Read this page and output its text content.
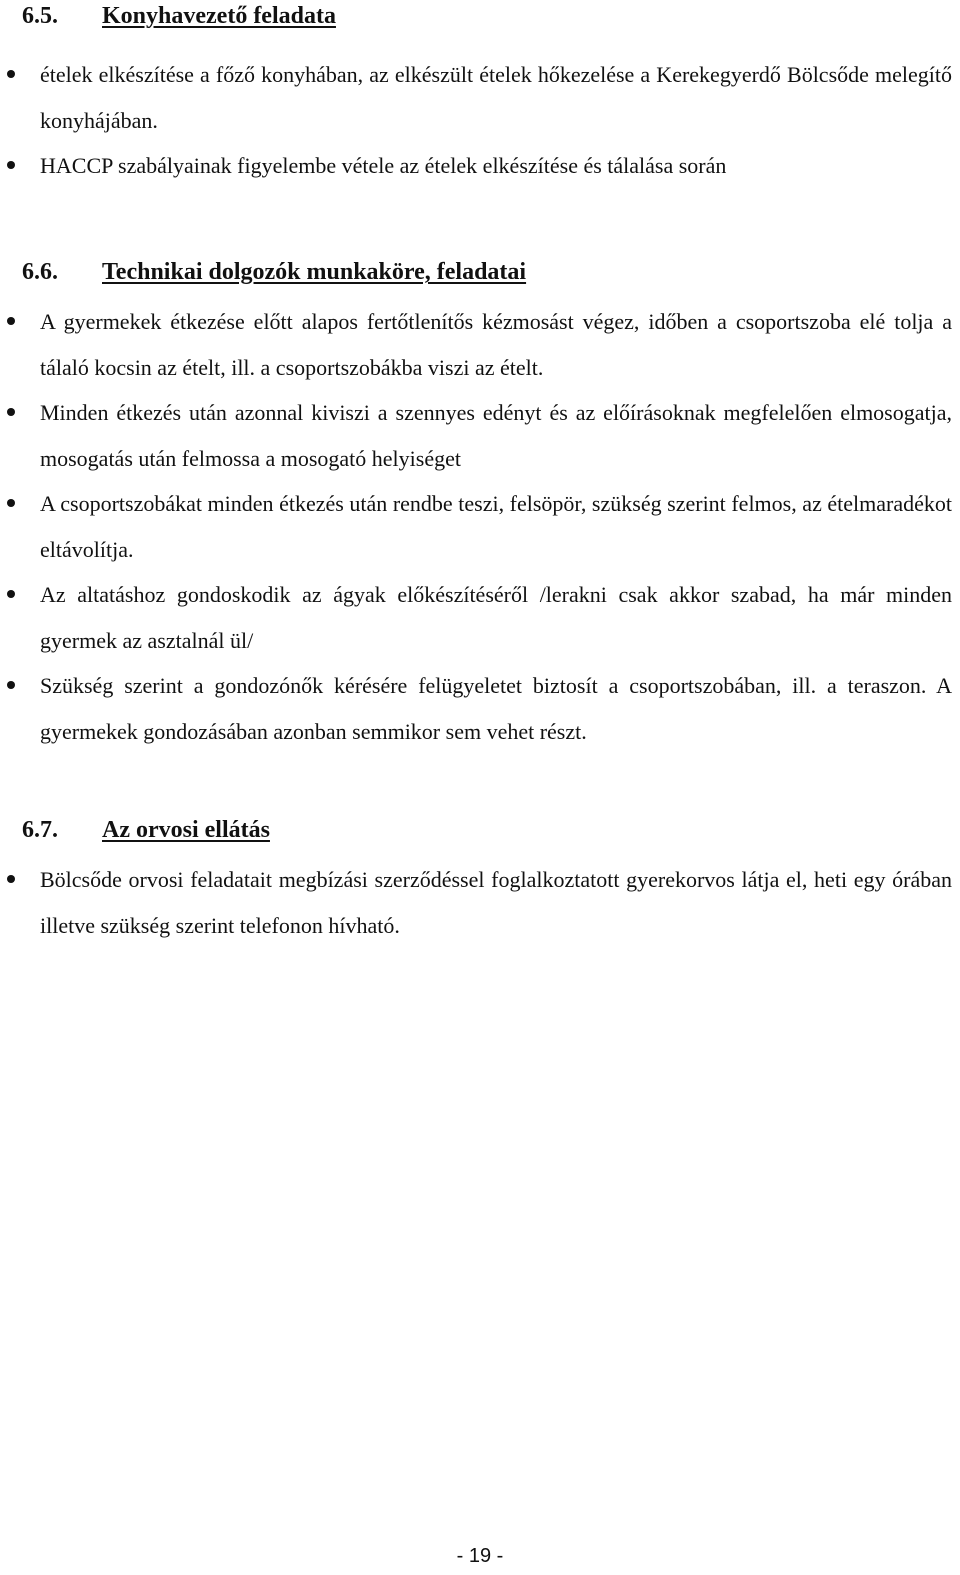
6.5. Konyhavezető feladata
ételek elkészítése a főző konyhában, az elkészült ételek hőkezelése a Kerekegyerdő Bölcsőde melegítő konyhájában.
HACCP szabályainak figyelembe vétele az ételek elkészítése és tálalása során
6.6. Technikai dolgozók munkaköre, feladatai
A gyermekek étkezése előtt alapos fertőtlenítős kézmosást végez, időben a csoportszoba elé tolja a tálaló kocsin az ételt, ill. a csoportszobákba viszi az ételt.
Minden étkezés után azonnal kiviszi a szennyes edényt és az előírásoknak megfelelően elmosogatja, mosogatás után felmossa a mosogató helyiséget
A csoportszobákat minden étkezés után rendbe teszi, felsöpör, szükség szerint felmos, az ételmaradékot eltávolítja.
Az altatáshoz gondoskodik az ágyak előkészítéséről /lerakni csak akkor szabad, ha már minden gyermek az asztalnál ül/
Szükség szerint a gondozónők kérésére felügyeletet biztosít a csoportszobában, ill. a teraszon. A gyermekek gondozásában azonban semmikor sem vehet részt.
6.7. Az orvosi ellátás
Bölcsőde orvosi feladatait megbízási szerződéssel foglalkoztatott gyerekorvos látja el, heti egy órában illetve szükség szerint telefonon hívható.
- 19 -
